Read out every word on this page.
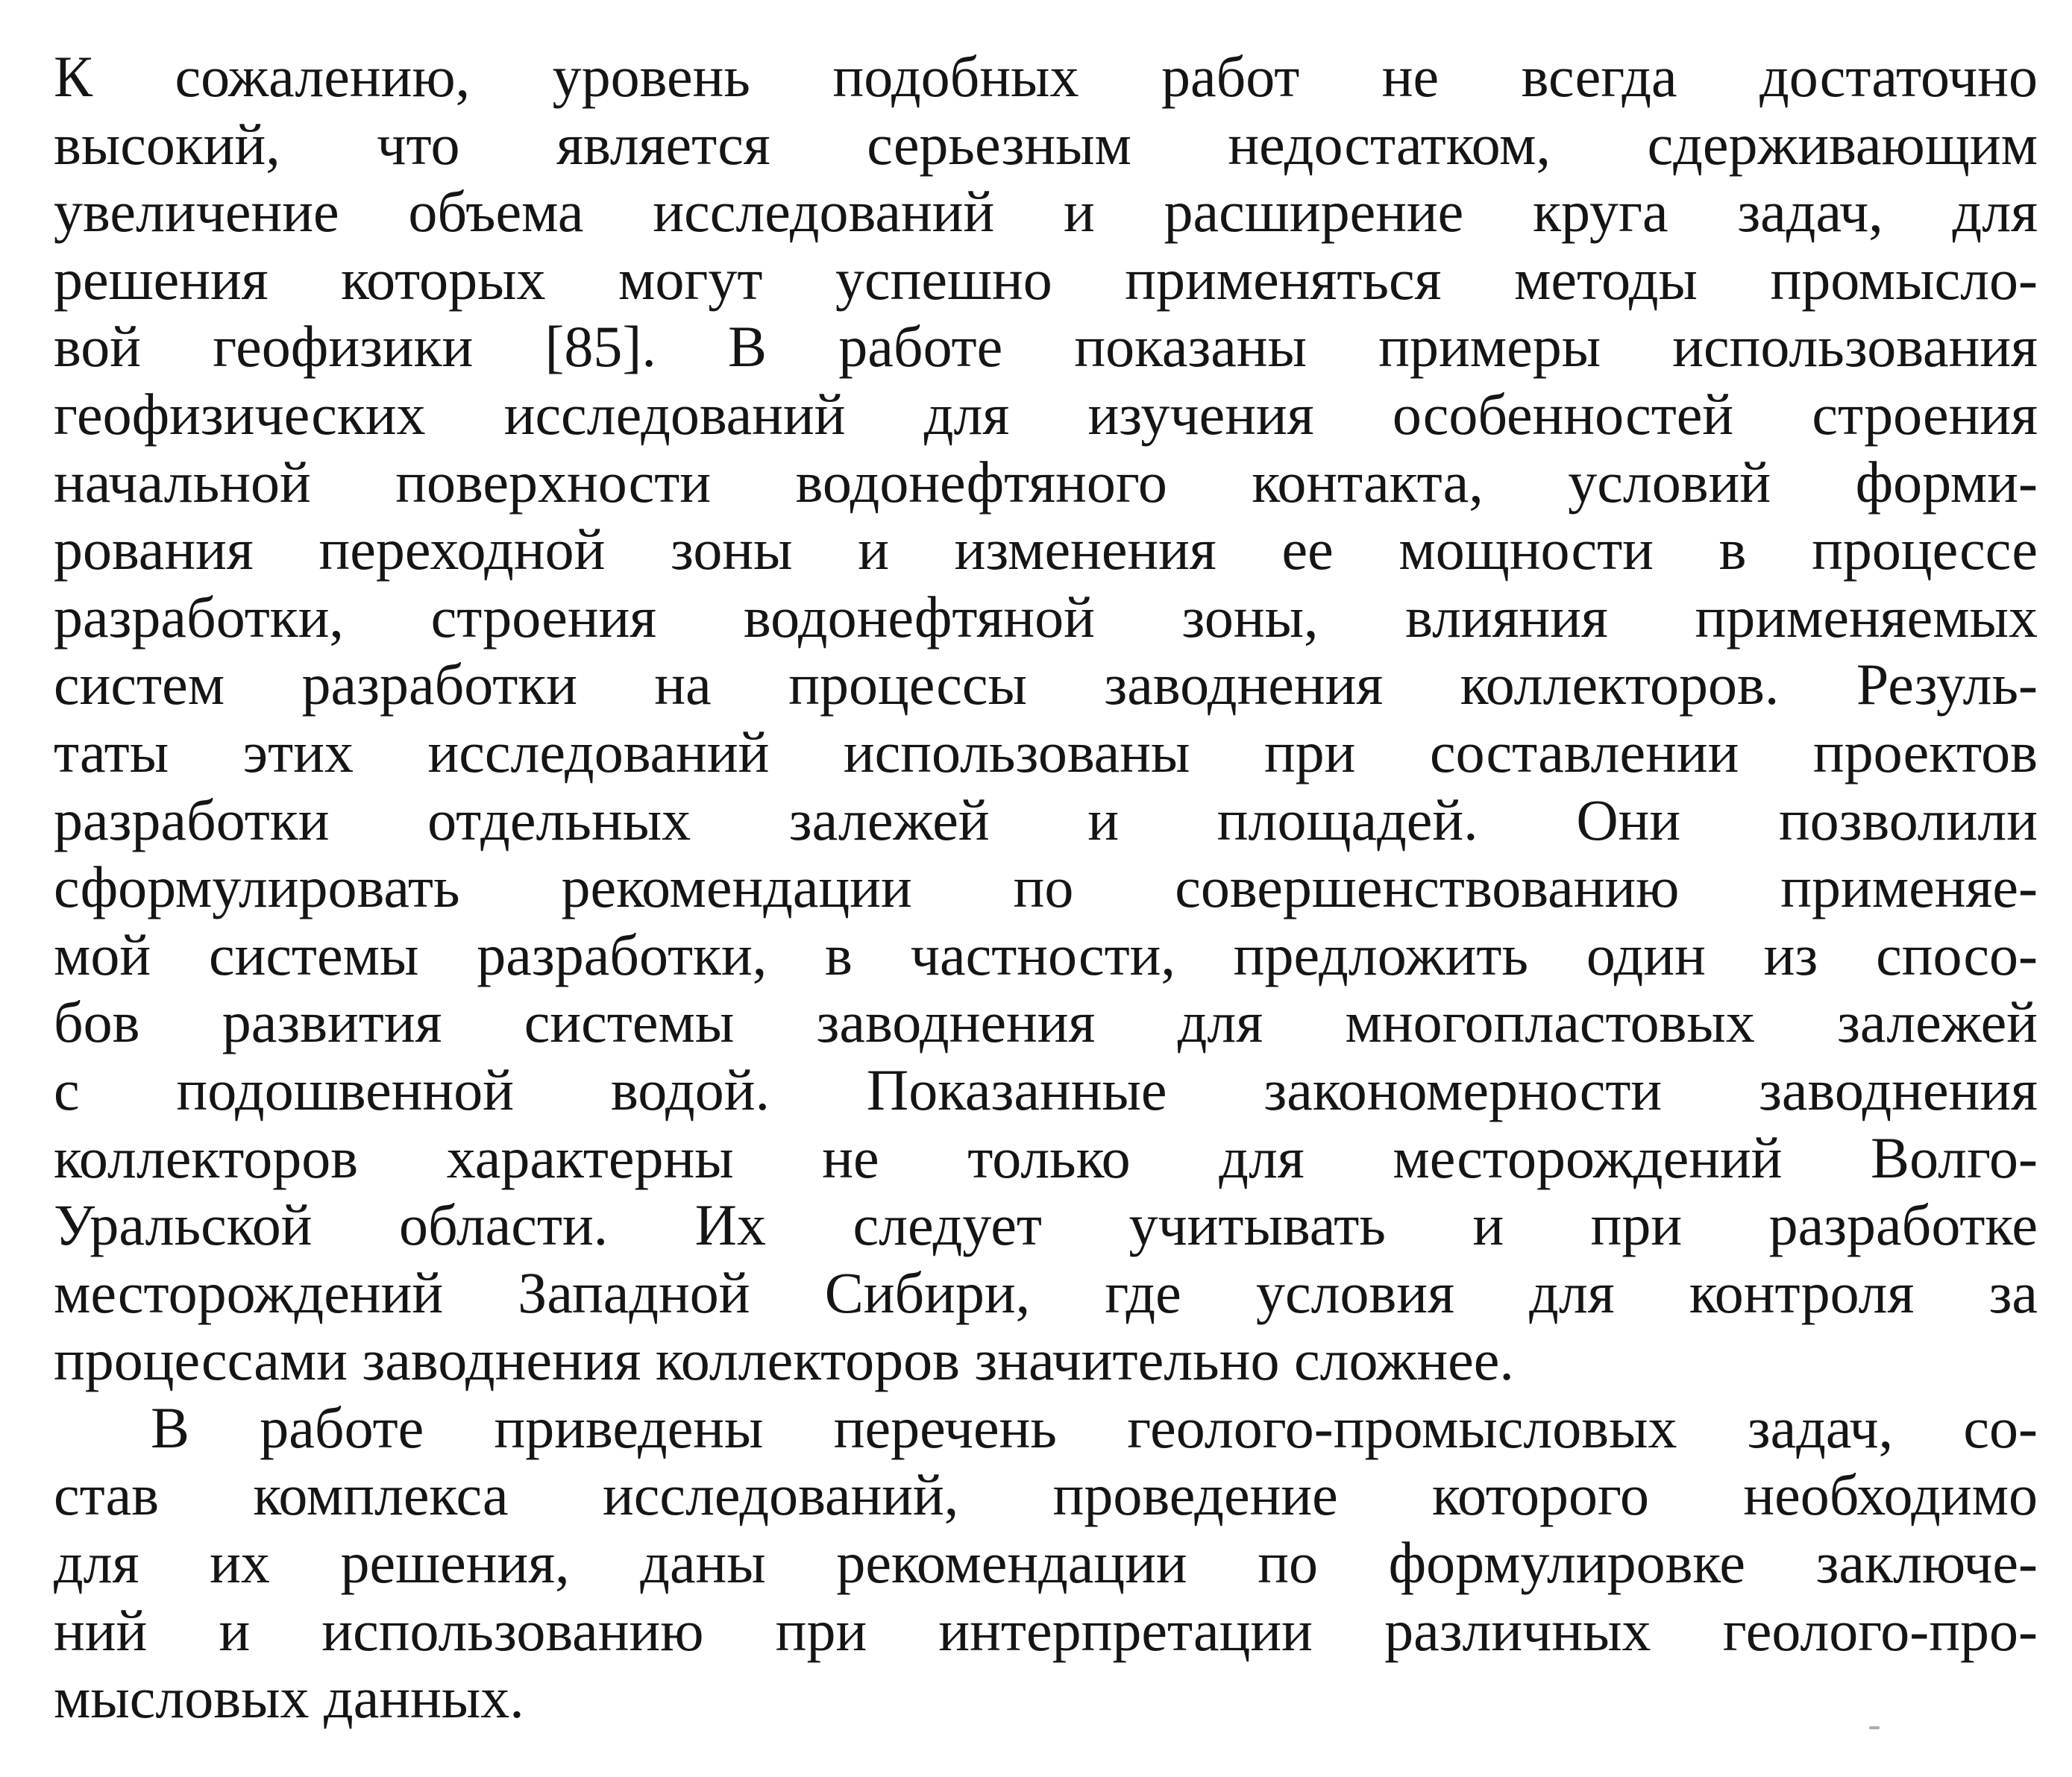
К сожалению, уровень подобных работ не всегда достаточно
высокий, что является серьезным недостатком, сдерживающим
увеличение объема исследований и расширение круга задач, для
решения которых могут успешно применяться методы промысло-
вой геофизики [85]. В работе показаны примеры использования
геофизических исследований для изучения особенностей строения
начальной поверхности водонефтяного контакта, условий форми-
рования переходной зоны и изменения ее мощности в процессе
разработки, строения водонефтяной зоны, влияния применяемых
систем разработки на процессы заводнения коллекторов. Резуль-
таты этих исследований использованы при составлении проектов
разработки отдельных залежей и площадей. Они позволили
сформулировать рекомендации по совершенствованию применяе-
мой системы разработки, в частности, предложить один из спосо-
бов развития системы заводнения для многопластовых залежей
с подошвенной водой. Показанные закономерности заводнения
коллекторов характерны не только для месторождений Волго-
Уральской области. Их следует учитывать и при разработке
месторождений Западной Сибири, где условия для контроля за
процессами заводнения коллекторов значительно сложнее.
В работе приведены перечень геолого-промысловых задач, со-
став комплекса исследований, проведение которого необходимо
для их решения, даны рекомендации по формулировке заключе-
ний и использованию при интерпретации различных геолого-про-
мысловых данных.
